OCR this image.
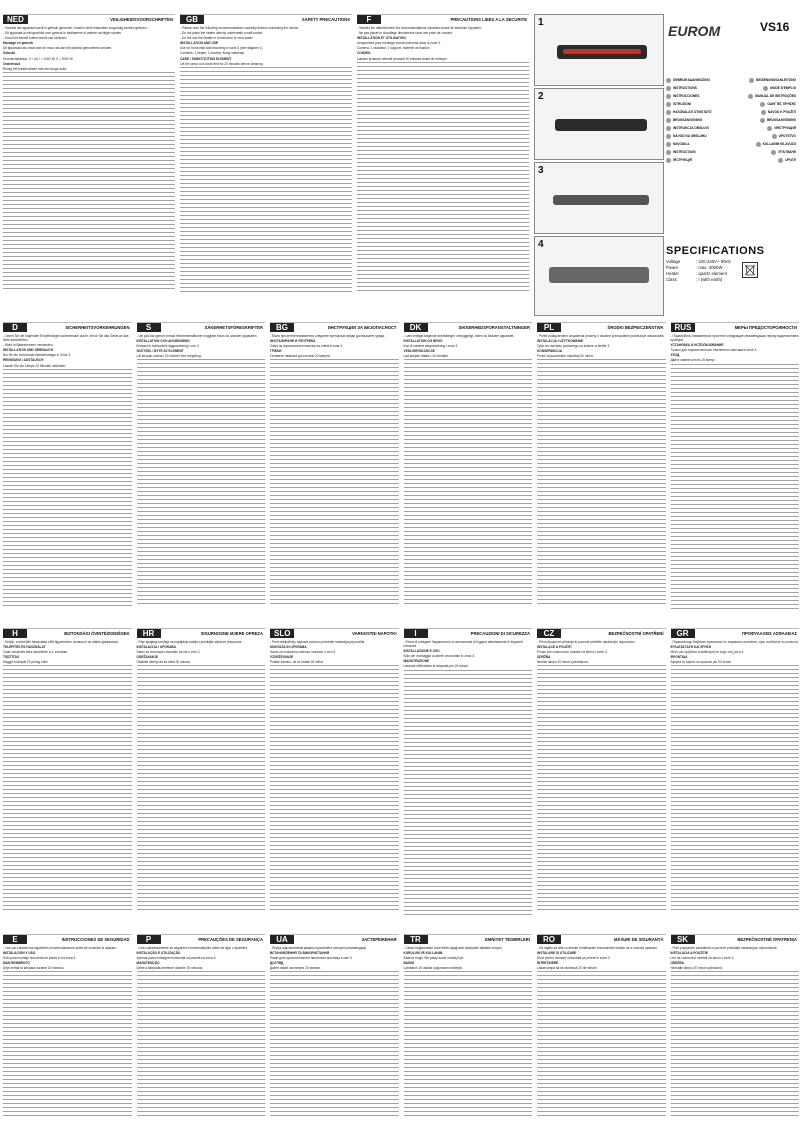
NED	VEILIGHEIDSVOORSCHRIFTEN

- Voordat het apparaat wordt in gebruik genomen, moeten deze instructies zorgvuldig worden gelezen.

- Dit apparaat is niet geschikt voor gebruik in badkamers of andere vochtige ruimten.

- Houd het toestel buiten bereik van kinderen.

Montage en gebruik

Dit apparaat kan zowel aan de muur als aan het plafond gemonteerd worden.

Gebruik

Koordschakelaar: 0 = uit, I = 1000 W, II = 2000 W

Onderhoud

Reinig het toestel alleen met een droge doek.

GB	SAFETY PRECAUTIONS

- Please read the following recommendations carefully before connecting the device.

- Do not place the heater directly underneath a wall socket.

- Do not use the heater in a bathroom or near water.

INSTALLATION AND USE

Use for horizontal wall mounting in zone 3 (see diagram 1).

Contents: 1 heater, 1 bracket, fixing materials

CARE / SUBSTITUTING ELEMENT

Let the lamp cool down first for 20 minutes before cleaning.

F	PRECAUTIONS LIEES A LA SECURITE

- Veuillez lire attentivement les recommandations suivantes avant de brancher l'appareil.

- Ne pas placer le chauffage directement sous une prise de courant.

INSTALLATION ET UTILISATION

Uniquement pour montage mural horizontal dans la zone 3.

Contenu: 1 radiateur, 1 support, matériel de fixation

CONSEIL

Laissez la lampe refroidir pendant 20 minutes avant de nettoyer.

1
2
3
4
VS16
EUROM
GEBRUIKSAANWIJZING	BEDIENUNGSANLEITUNG
INSTRUCTIONS	MODE D'EMPLOI
INSTRUCCIONES	MANUAL DE INSTRUÇÕES
ISTRUZIONI	ΟΔΗΓΊΕΣ ΧΡΉΣΗΣ
HASZNÁLATI ÚTMUTATÓ	NÁVOD K POUŽITÍ
BRUGSANVISNING	BRUKSANVISNING
INSTRUKCJA OBSŁUGI	ИНСТРУКЦИЯ
NÁVOD NA OBSLUHU	UPUTSTVO
NAVODILA	KULLANIM KILAVUZU
INSTRUCŢIUNI	УПЪТВАНЕ
ІНСТРУКЦІЯ	UPUTE
SPECIFICATIONS
Voltage	: 220-240V~ 50Hz
Power	: max. 2000W
Heater	: quartz element
Class	: I (with earth)
D	SICHERHEITSVORKEHRUNGEN

- Lesen Sie die folgenden Empfehlungen aufmerksam durch, bevor Sie das Gerät an das Netz anschließen.

- Nicht in Badezimmern verwenden.

INSTALLATION UND GEBRAUCH

Nur für die horizontale Wandmontage in Zone 3.

REINIGUNG / AUSTAUSCH

Lassen Sie die Lampe 20 Minuten abkühlen.

S	SÄKERHETSFÖRESKRIFTER

- Var god läs igenom dessa rekommendationer noggrant innan du ansluter apparaten.

INSTALLATION OCH ANVÄNDNING

Endast för horisontell väggmontering i zon 3.

SKÖTSEL / BYTE AV ELEMENT

Låt lampan svalna i 20 minuter före rengöring.

BG	ИНСТРУКЦИИ ЗА БЕЗОПАСНОСТ

- Моля прочетете внимателно следните препоръки преди да свържете уреда.

ИНСТАЛИРАНЕ И УПОТРЕБА

Само за хоризонтален монтаж на стена в зона 3.

ГРИЖИ

Оставете лампата да изстине 20 минути.

DK	SIKKERHEDSFORANSTALTNINGER

- Læs venligst følgende anbefalinger omhyggeligt, inden du tilslutter apparatet.

INSTALLATION OG BRUG

Kun til vandret vægmontering i zone 3.

VEDLIGEHOLDELSE

Lad lampen afkøle i 20 minutter.

PL	ŚRODKI BEZPIECZEŃSTWA

- Przed podłączeniem urządzenia prosimy o uważne przeczytanie poniższych wskazówek.

INSTALACJA I UŻYTKOWANIE

Tylko do montażu poziomego na ścianie w strefie 3.

KONSERWACJA

Przed czyszczeniem odczekaj 20 minut.

RUS	МЕРЫ ПРЕДОСТОРОЖНОСТИ

- Пожалуйста, внимательно прочтите следующие рекомендации перед подключением прибора.

УСТАНОВКА И ИСПОЛЬЗОВАНИЕ

Только для горизонтального настенного монтажа в зоне 3.

УХОД

Дайте лампе остыть 20 минут.

H	BIZTONSÁGI ÓVINTÉZKEDÉSEK

- Kérjük, a készülék használata előtt figyelmesen olvassa el az alábbi ajánlásokat.

TELEPÍTÉS ÉS HASZNÁLAT

Csak vízszintes falra szerelésre a 3. zónában.

TISZTÍTÁS

Hagyja a lámpát 20 percig hűlni.

HR	SIGURNOSNE MJERE OPREZA

- Prije spajanja uređaja na napajanje pažljivo pročitajte sljedeće preporuke.

INSTALACIJA I UPORABA

Samo za vodoravnu montažu na zid u zoni 3.

ODRŽAVANJE

Ostavite žarulju da se hladi 20 minuta.

SLO	VARNOSTNI NAPOTKI

- Pred priključitvijo naprave pozorno preberite naslednja priporočila.

MONTAŽA IN UPORABA

Samo za vodoravno stensko montažo v coni 3.

VZDRŽEVANJE

Pustite žarnico, da se ohladi 20 minut.

I	PRECAUZIONI DI SICUREZZA

- Prima di collegare l'apparecchio si raccomanda di leggere attentamente le seguenti istruzioni.

INSTALLAZIONE E USO

Solo per montaggio a parete orizzontale in zona 3.

MANUTENZIONE

Lasciare raffreddare la lampada per 20 minuti.

CZ	BEZPEČNOSTNÍ OPATŘENÍ

- Před připojením přístroje si pozorně přečtěte následující doporučení.

INSTALACE A POUŽITÍ

Pouze pro vodorovnou montáž na stěnu v zóně 3.

ÚDRŽBA

Nechte lampu 20 minut vychladnout.

GR	ΠΡΟΦΥΛΑΞΕΙΣ ΑΣΦΑΛΕΙΑΣ

- Παρακαλούμε διαβάστε προσεκτικά τις παρακάτω συστάσεις πριν συνδέσετε τη συσκευή.

ΕΓΚΑΤΑΣΤΑΣΗ ΚΑΙ ΧΡΗΣΗ

Μόνο για οριζόντια τοποθέτηση σε τοίχο στη ζώνη 3.

ΦΡΟΝΤΙΔΑ

Αφήστε τη λάμπα να κρυώσει για 20 λεπτά.

E	INSTRUCCIONES DE SEGURIDAD

- Lea con cuidado las siguientes recomendaciones antes de conectar el aparato.

INSTALACIÓN Y USO

Sólo para montaje horizontal en pared en la zona 3.

MANTENIMIENTO

Deje enfriar la lámpara durante 20 minutos.

P	PRECAUÇÕES DE SEGURANÇA

- Leia cuidadosamente as seguintes recomendações antes de ligar o aparelho.

INSTALAÇÃO E UTILIZAÇÃO

Apenas para montagem horizontal na parede na zona 3.

MANUTENÇÃO

Deixe a lâmpada arrefecer durante 20 minutos.

UA	ЗАСТЕРЕЖЕННЯ

- Перед підключенням уважно прочитайте наступні рекомендації.

ВСТАНОВЛЕННЯ ТА ВИКОРИСТАННЯ

Лише для горизонтального настінного монтажу в зоні 3.

ДОГЛЯД

Дайте лампі охолонути 20 хвилин.

TR	EMNİYET TEDBİRLERİ

- Cihazı bağlamadan önce lütfen aşağıdaki tavsiyeleri dikkatle okuyun.

KURULUM VE KULLANIM

Sadece bölge 3'te yatay duvar montajı için.

BAKIM

Lambanın 20 dakika soğumasını bekleyin.

RO	MĂSURI DE SIGURANȚĂ

- Vă rugăm să citiți cu atenție următoarele recomandări înainte de a conecta aparatul.

INSTALARE ȘI UTILIZARE

Doar pentru montare orizontală pe perete în zona 3.

ÎNTREȚINERE

Lăsați lampa să se răcească 20 de minute.

SK	BEZPEČNOSTNÉ OPATRENIA

- Pred pripojením zariadenia si pozorne prečítajte nasledujúce odporúčania.

INŠTALÁCIA A POUŽITIE

Len na vodorovnú montáž na stenu v zóne 3.

ÚDRŽBA

Nechajte lampu 20 minút vychladnúť.
